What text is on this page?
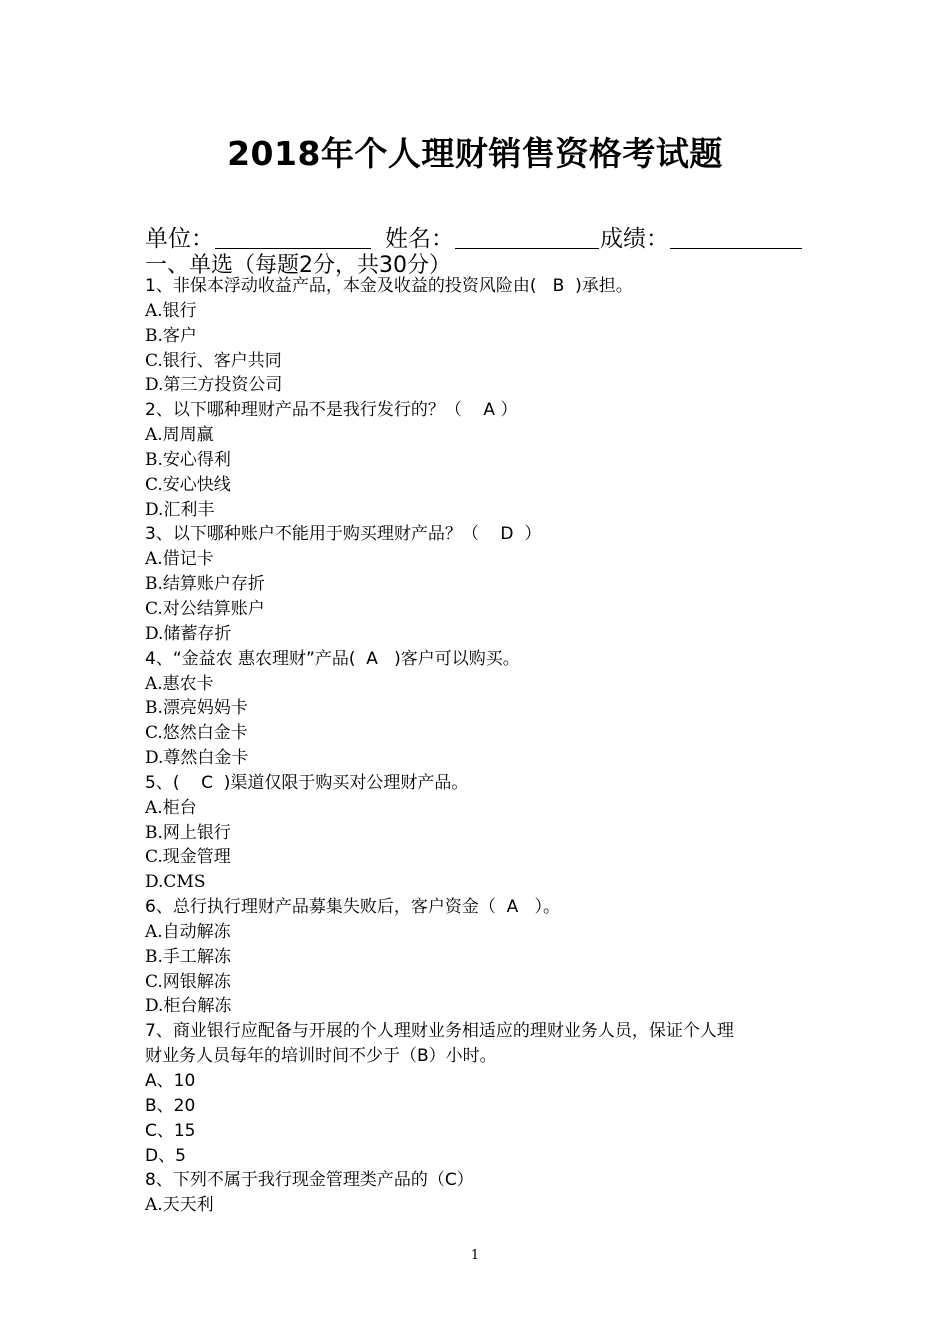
2018年个人理财销售资格考试题
单位：	姓名：	成绩：
一、单选（每题2分，共30分）
1、非保本浮动收益产品，本金及收益的投资风险由(   B  )承担。
A.银行
B.客户
C.银行、客户共同
D.第三方投资公司
2、以下哪种理财产品不是我行发行的？（    A ）
A.周周赢
B.安心得利
C.安心快线
D.汇利丰
3、以下哪种账户不能用于购买理财产品？（    D  ）
A.借记卡
B.结算账户存折
C.对公结算账户
D.储蓄存折
4、“金益农 惠农理财”产品(  A   )客户可以购买。
A.惠农卡
B.漂亮妈妈卡
C.悠然白金卡
D.尊然白金卡
5、(    C  )渠道仅限于购买对公理财产品。
A.柜台
B.网上银行
C.现金管理
D.CMS
6、总行执行理财产品募集失败后，客户资金（  A   ）。
A.自动解冻
B.手工解冻
C.网银解冻
D.柜台解冻
7、商业银行应配备与开展的个人理财业务相适应的理财业务人员，保证个人理
财业务人员每年的培训时间不少于（B）小时。
A、10
B、20
C、15
D、5
8、下列不属于我行现金管理类产品的（C）
A.天天利
1
